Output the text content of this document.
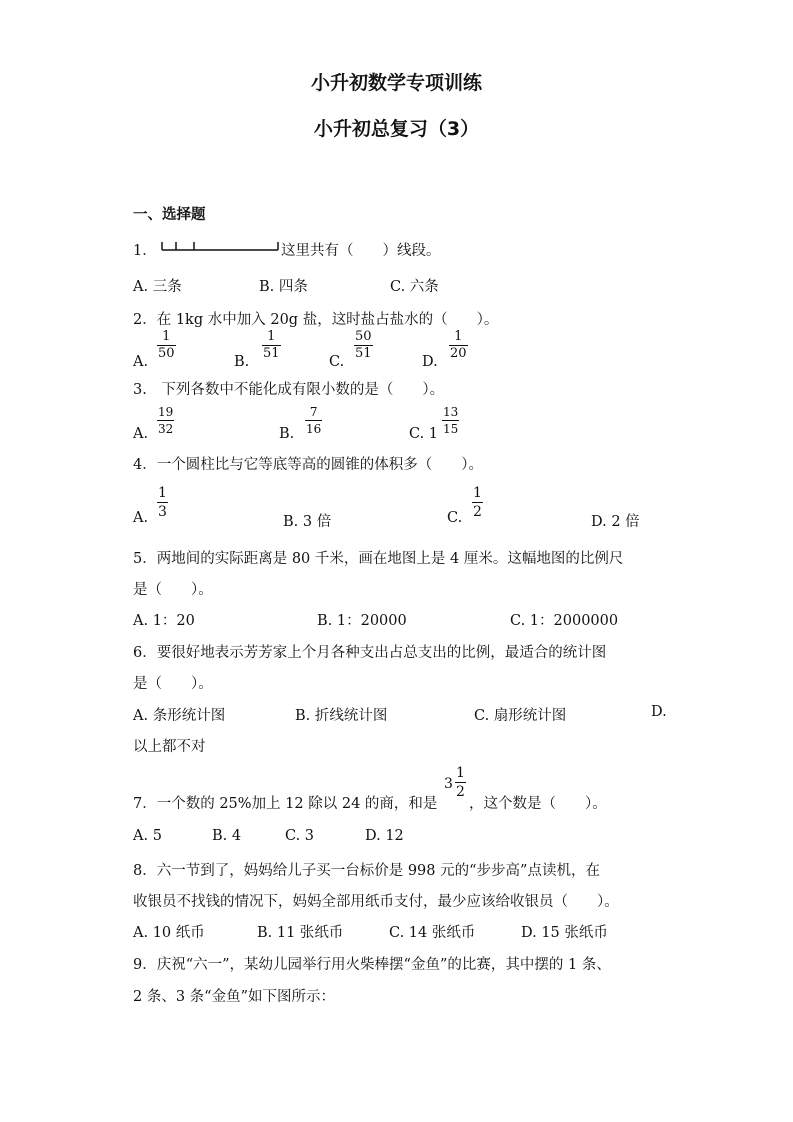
小升初数学专项训练
小升初总复习（3）
一、选择题
1．	这里共有（　　）线段。
A. 三条	B. 四条	C. 六条
2．在 1kg 水中加入 20g 盐，这时盐占盐水的（　　）。
A.
1
50
B.
1
51
C.
50
51
D.
1
20
3.　下列各数中不能化成有限小数的是（　　）。
A.
19
32	B.
7
16	C. 1
13
15
4．一个圆柱比与它等底等高的圆锥的体积多（　　）。
A.
1
3
B. 3 倍	C.
1
2
D. 2 倍
5．两地间的实际距离是 80 千米，画在地图上是 4 厘米。这幅地图的比例尺
是（　　）。
A. 1：20	B. 1：20000	C. 1：2000000
6．要很好地表示芳芳家上个月各种支出占总支出的比例，最适合的统计图
是（　　）。
A. 条形统计图	B. 折线统计图	C. 扇形统计图	D.
以上都不对
7．一个数的 25%加上 12 除以 24 的商，和是
3
1
2
，这个数是（　　）。
A. 5	B. 4	C. 3	D. 12
8．六一节到了，妈妈给儿子买一台标价是 998 元的“步步高”点读机，在
收银员不找钱的情况下，妈妈全部用纸币支付，最少应该给收银员（　　）。
A. 10 纸币	B. 11 张纸币	C. 14 张纸币	D. 15 张纸币
9．庆祝“六一”，某幼儿园举行用火柴棒摆“金鱼”的比赛，其中摆的 1 条、
2 条、3 条“金鱼”如下图所示：
